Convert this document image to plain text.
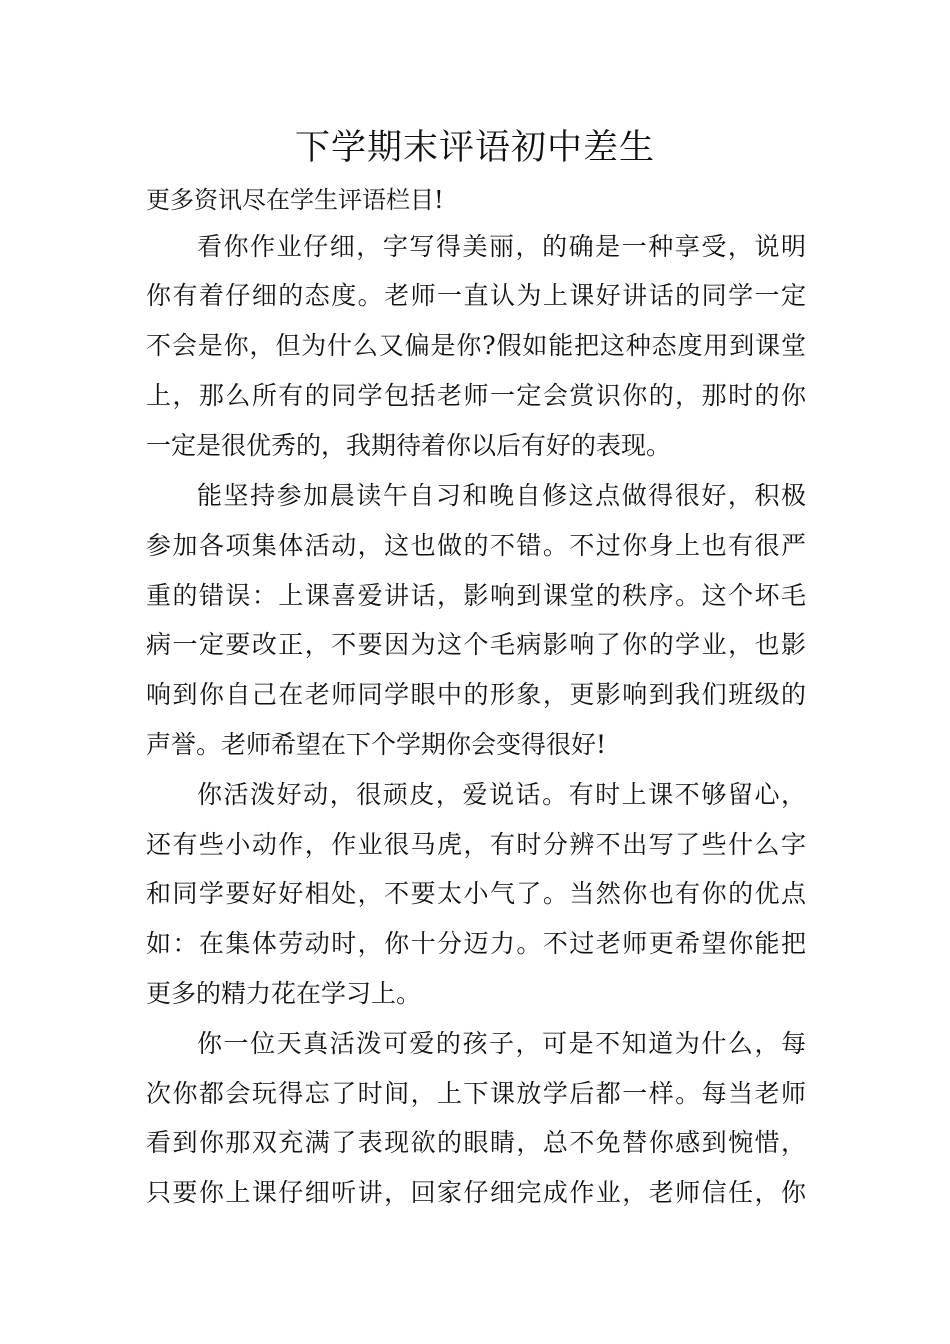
下学期末评语初中差生

更多资讯尽在学生评语栏目!

看你作业仔细，字写得美丽，的确是一种享受，说明

你有着仔细的态度。老师一直认为上课好讲话的同学一定

不会是你，但为什么又偏是你?假如能把这种态度用到课堂

上，那么所有的同学包括老师一定会赏识你的，那时的你

一定是很优秀的，我期待着你以后有好的表现。

能坚持参加晨读午自习和晚自修这点做得很好，积极

参加各项集体活动，这也做的不错。不过你身上也有很严

重的错误：上课喜爱讲话，影响到课堂的秩序。这个坏毛

病一定要改正，不要因为这个毛病影响了你的学业，也影

响到你自己在老师同学眼中的形象，更影响到我们班级的

声誉。老师希望在下个学期你会变得很好!

你活泼好动，很顽皮，爱说话。有时上课不够留心，

还有些小动作，作业很马虎，有时分辨不出写了些什么字

和同学要好好相处，不要太小气了。当然你也有你的优点

如：在集体劳动时，你十分迈力。不过老师更希望你能把

更多的精力花在学习上。

你一位天真活泼可爱的孩子，可是不知道为什么，每

次你都会玩得忘了时间，上下课放学后都一样。每当老师

看到你那双充满了表现欲的眼睛，总不免替你感到惋惜，

只要你上课仔细听讲，回家仔细完成作业，老师信任，你
